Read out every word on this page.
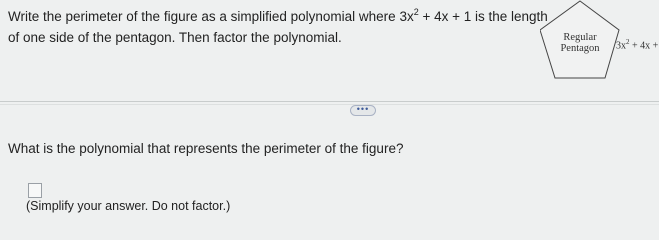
Write the perimeter of the figure as a simplified polynomial where $3x^2 + 4x + 1$ is the length
of one side of the pentagon. Then factor the polynomial.	Regular
Pentagon	$3x^2 + 4x$ +
•••
What is the polynomial that represents the perimeter of the figure?
(Simplify your answer. Do not factor.)
